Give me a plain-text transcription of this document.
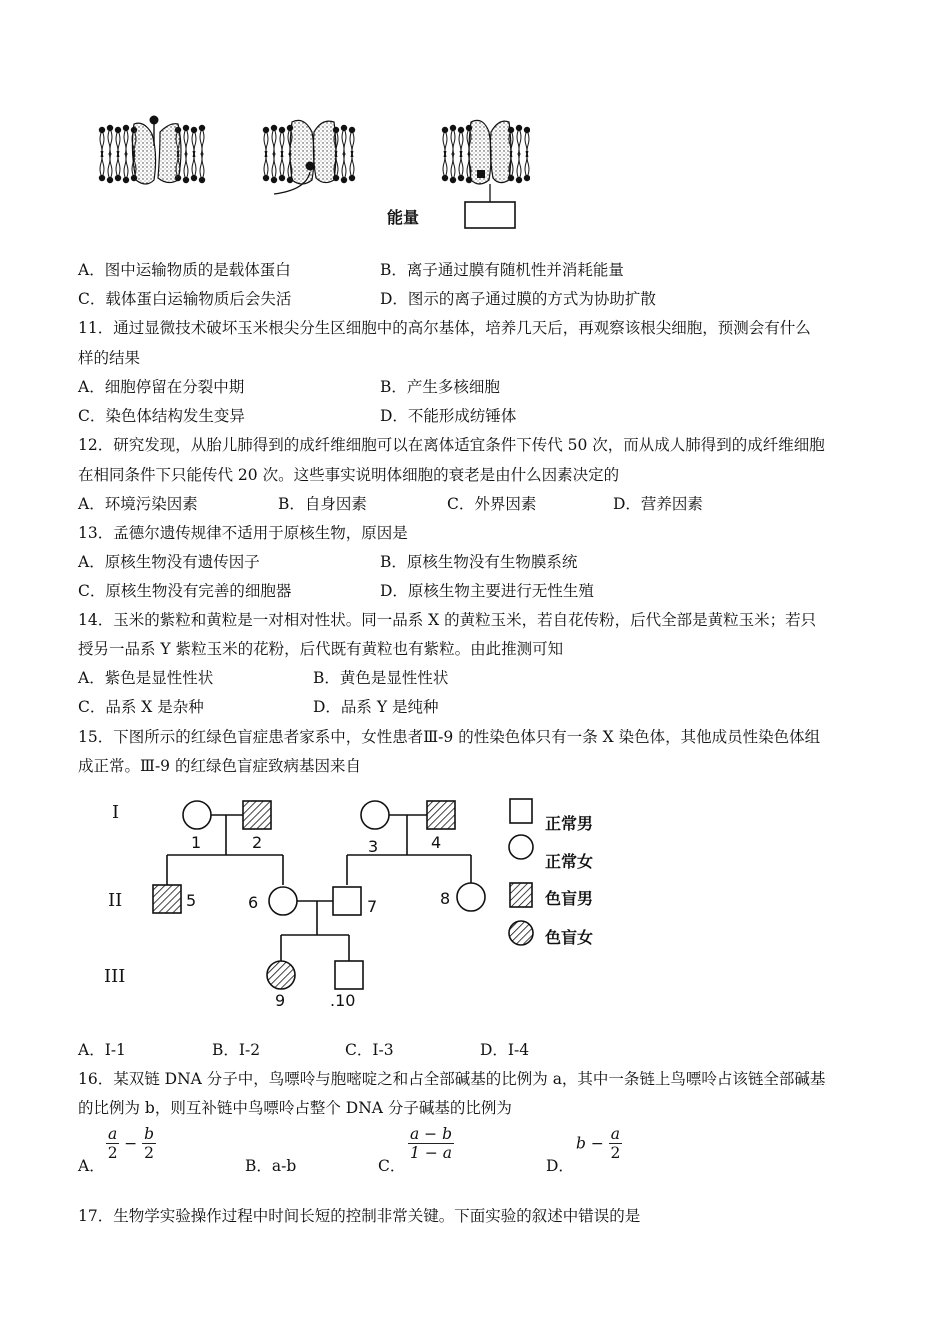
能量
A．图中运输物质的是载体蛋白	B．离子通过膜有随机性并消耗能量
C．载体蛋白运输物质后会失活	D．图示的离子通过膜的方式为协助扩散
11．通过显微技术破坏玉米根尖分生区细胞中的高尔基体，培养几天后，再观察该根尖细胞，预测会有什么
样的结果
A．细胞停留在分裂中期	B．产生多核细胞
C．染色体结构发生变异	D．不能形成纺锤体
12．研究发现，从胎儿肺得到的成纤维细胞可以在离体适宜条件下传代 50 次，而从成人肺得到的成纤维细胞
在相同条件下只能传代 20 次。这些事实说明体细胞的衰老是由什么因素决定的
A．环境污染因素	B．自身因素	C．外界因素	D．营养因素
13．孟德尔遗传规律不适用于原核生物，原因是
A．原核生物没有遗传因子	B．原核生物没有生物膜系统
C．原核生物没有完善的细胞器	D．原核生物主要进行无性生殖
14．玉米的紫粒和黄粒是一对相对性状。同一品系 X 的黄粒玉米，若自花传粉，后代全部是黄粒玉米；若只
授另一品系 Y 紫粒玉米的花粉，后代既有黄粒也有紫粒。由此推测可知
A．紫色是显性性状	B．黄色是显性性状
C．品系 X 是杂种	D．品系 Y 是纯种
15．下图所示的红绿色盲症患者家系中，女性患者Ⅲ-9 的性染色体只有一条 X 染色体，其他成员性染色体组
成正常。Ⅲ-9 的红绿色盲症致病基因来自
I
II
III
1	2	3	4
5	6	7	8
9	.10
正常男
正常女
色盲男
色盲女
A．I-1	B．Ⅰ-2	C．I-3	D．Ⅰ-4
16．某双链 DNA 分子中，鸟嘌呤与胞嘧啶之和占全部碱基的比例为 a，其中一条链上鸟嘌呤占该链全部碱基
的比例为 b，则互补链中鸟嘌呤占整个 DNA 分子碱基的比例为
A．
$\frac{a}{2} - \frac{b}{2}$
B．a-b	C．
$\frac{a - b}{1 - a}$
D．
$b - \frac{a}{2}$
17．生物学实验操作过程中时间长短的控制非常关键。下面实验的叙述中错误的是
